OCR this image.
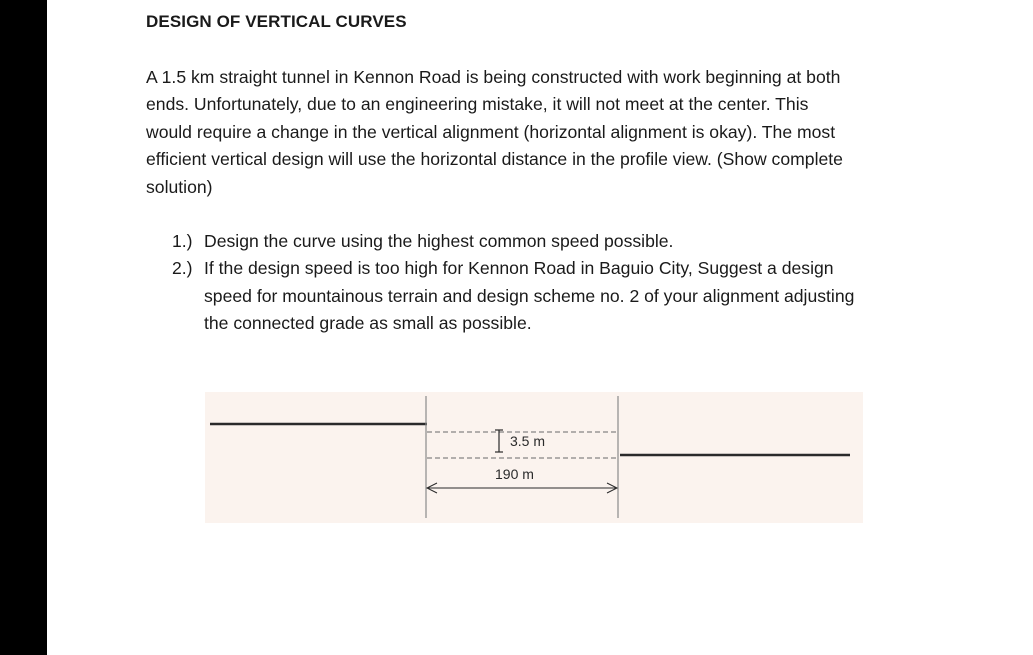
DESIGN OF VERTICAL CURVES

A 1.5 km straight tunnel in Kennon Road is being constructed with work beginning at both
ends. Unfortunately, due to an engineering mistake, it will not meet at the center. This
would require a change in the vertical alignment (horizontal alignment is okay). The most
efficient vertical design will use the horizontal distance in the profile view. (Show complete
solution)

1.) Design the curve using the highest common speed possible.
2.) If the design speed is too high for Kennon Road in Baguio City, Suggest a design
speed for mountainous terrain and design scheme no. 2 of your alignment adjusting
the connected grade as small as possible.
3.5 m
190 m
